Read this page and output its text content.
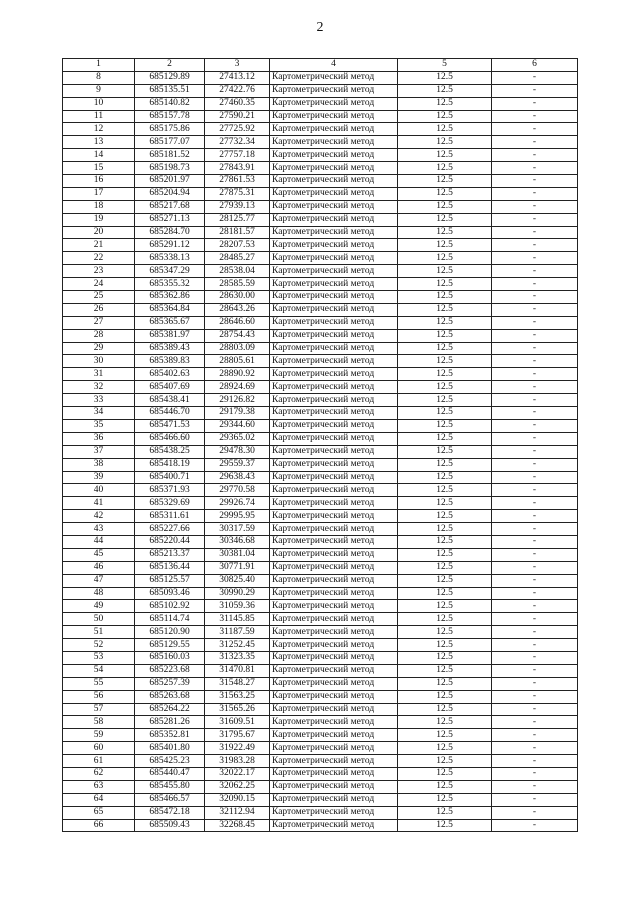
2
1	2	3	4	5	6
8	685129.89	27413.12	Картометрический метод	12.5	-
9	685135.51	27422.76	Картометрический метод	12.5	-
10	685140.82	27460.35	Картометрический метод	12.5	-
11	685157.78	27590.21	Картометрический метод	12.5	-
12	685175.86	27725.92	Картометрический метод	12.5	-
13	685177.07	27732.34	Картометрический метод	12.5	-
14	685181.52	27757.18	Картометрический метод	12.5	-
15	685198.73	27843.91	Картометрический метод	12.5	-
16	685201.97	27861.53	Картометрический метод	12.5	-
17	685204.94	27875.31	Картометрический метод	12.5	-
18	685217.68	27939.13	Картометрический метод	12.5	-
19	685271.13	28125.77	Картометрический метод	12.5	-
20	685284.70	28181.57	Картометрический метод	12.5	-
21	685291.12	28207.53	Картометрический метод	12.5	-
22	685338.13	28485.27	Картометрический метод	12.5	-
23	685347.29	28538.04	Картометрический метод	12.5	-
24	685355.32	28585.59	Картометрический метод	12.5	-
25	685362.86	28630.00	Картометрический метод	12.5	-
26	685364.84	28643.26	Картометрический метод	12.5	-
27	685365.67	28646.60	Картометрический метод	12.5	-
28	685381.97	28754.43	Картометрический метод	12.5	-
29	685389.43	28803.09	Картометрический метод	12.5	-
30	685389.83	28805.61	Картометрический метод	12.5	-
31	685402.63	28890.92	Картометрический метод	12.5	-
32	685407.69	28924.69	Картометрический метод	12.5	-
33	685438.41	29126.82	Картометрический метод	12.5	-
34	685446.70	29179.38	Картометрический метод	12.5	-
35	685471.53	29344.60	Картометрический метод	12.5	-
36	685466.60	29365.02	Картометрический метод	12.5	-
37	685438.25	29478.30	Картометрический метод	12.5	-
38	685418.19	29559.37	Картометрический метод	12.5	-
39	685400.71	29638.43	Картометрический метод	12.5	-
40	685371.93	29770.58	Картометрический метод	12.5	-
41	685329.69	29926.74	Картометрический метод	12.5	-
42	685311.61	29995.95	Картометрический метод	12.5	-
43	685227.66	30317.59	Картометрический метод	12.5	-
44	685220.44	30346.68	Картометрический метод	12.5	-
45	685213.37	30381.04	Картометрический метод	12.5	-
46	685136.44	30771.91	Картометрический метод	12.5	-
47	685125.57	30825.40	Картометрический метод	12.5	-
48	685093.46	30990.29	Картометрический метод	12.5	-
49	685102.92	31059.36	Картометрический метод	12.5	-
50	685114.74	31145.85	Картометрический метод	12.5	-
51	685120.90	31187.59	Картометрический метод	12.5	-
52	685129.55	31252.45	Картометрический метод	12.5	-
53	685160.03	31323.35	Картометрический метод	12.5	-
54	685223.68	31470.81	Картометрический метод	12.5	-
55	685257.39	31548.27	Картометрический метод	12.5	-
56	685263.68	31563.25	Картометрический метод	12.5	-
57	685264.22	31565.26	Картометрический метод	12.5	-
58	685281.26	31609.51	Картометрический метод	12.5	-
59	685352.81	31795.67	Картометрический метод	12.5	-
60	685401.80	31922.49	Картометрический метод	12.5	-
61	685425.23	31983.28	Картометрический метод	12.5	-
62	685440.47	32022.17	Картометрический метод	12.5	-
63	685455.80	32062.25	Картометрический метод	12.5	-
64	685466.57	32090.15	Картометрический метод	12.5	-
65	685472.18	32112.94	Картометрический метод	12.5	-
66	685509.43	32268.45	Картометрический метод	12.5	-
